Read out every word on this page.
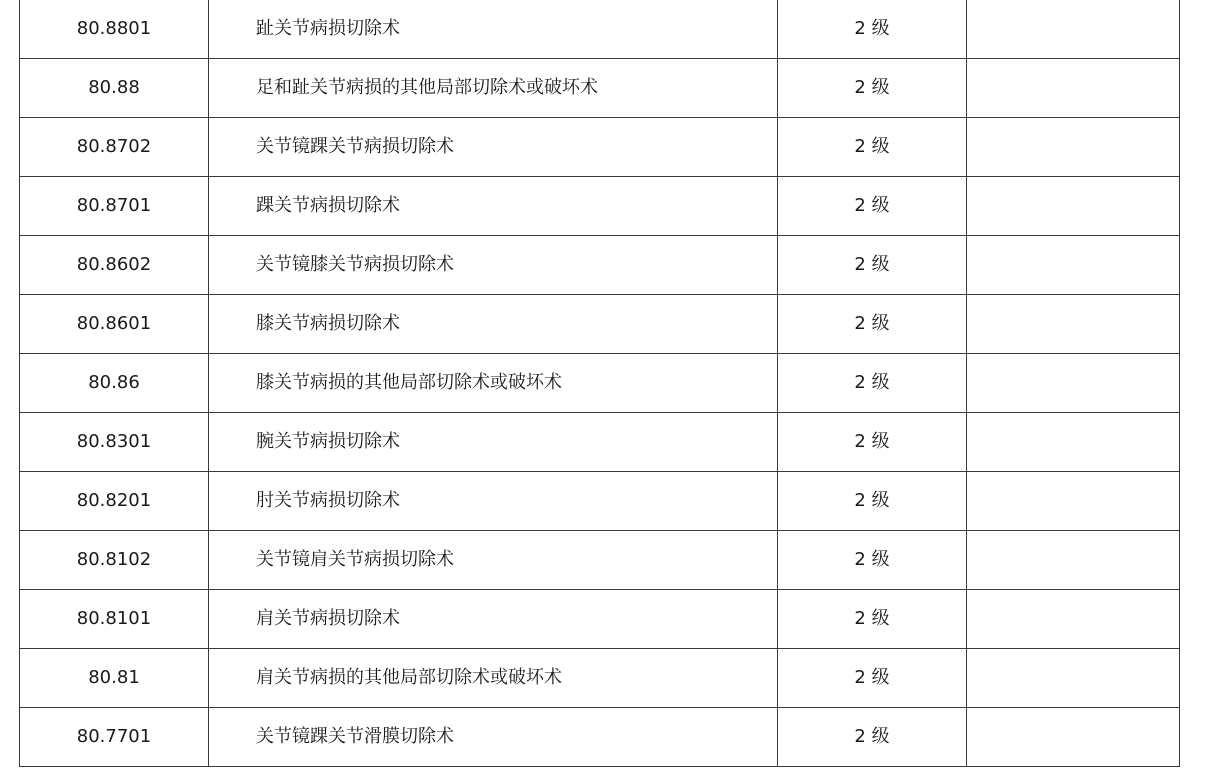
80.8801	趾关节病损切除术	2 级	
80.88	足和趾关节病损的其他局部切除术或破坏术	2 级	
80.8702	关节镜踝关节病损切除术	2 级	
80.8701	踝关节病损切除术	2 级	
80.8602	关节镜膝关节病损切除术	2 级	
80.8601	膝关节病损切除术	2 级	
80.86	膝关节病损的其他局部切除术或破坏术	2 级	
80.8301	腕关节病损切除术	2 级	
80.8201	肘关节病损切除术	2 级	
80.8102	关节镜肩关节病损切除术	2 级	
80.8101	肩关节病损切除术	2 级	
80.81	肩关节病损的其他局部切除术或破坏术	2 级	
80.7701	关节镜踝关节滑膜切除术	2 级	
